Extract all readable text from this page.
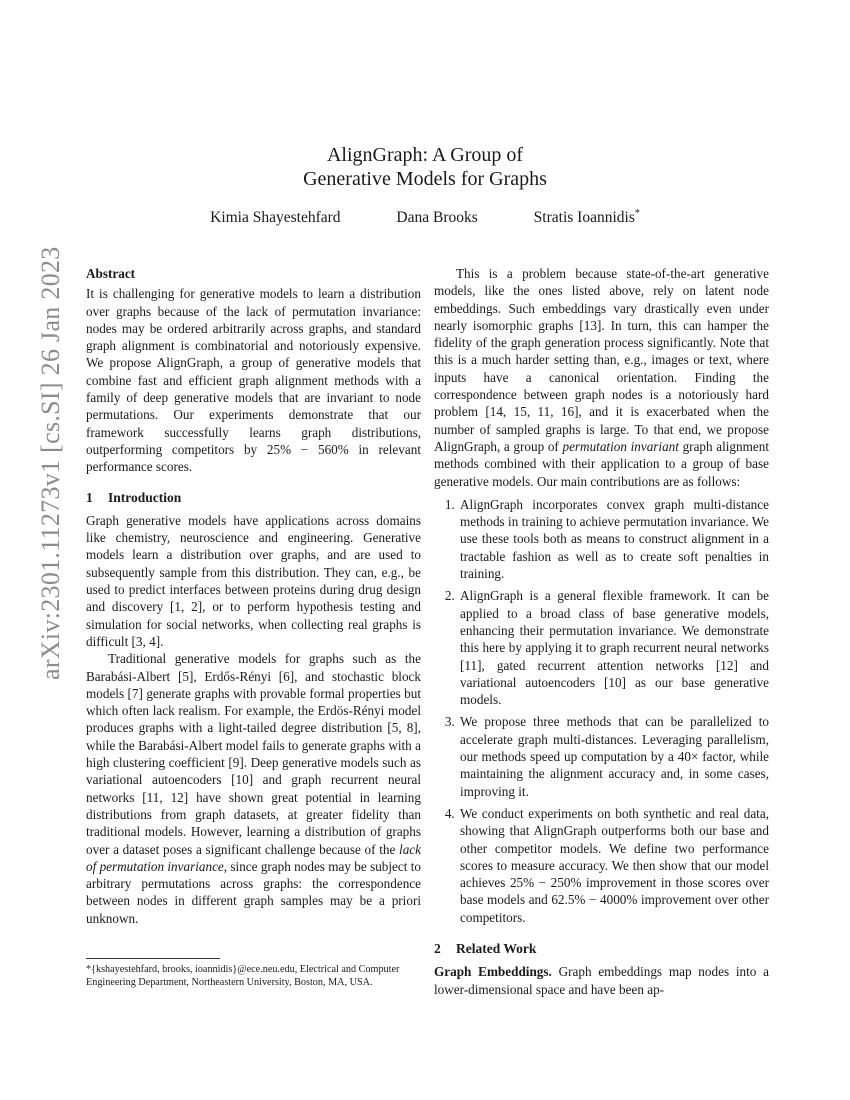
arXiv:2301.11273v1 [cs.SI] 26 Jan 2023
AlignGraph: A Group of
Generative Models for Graphs
Kimia Shayestehfard	Dana Brooks	Stratis Ioannidis*
Abstract

It is challenging for generative models to learn a distribution over graphs because of the lack of permutation invariance: nodes may be ordered arbitrarily across graphs, and standard graph alignment is combinatorial and notoriously expensive. We propose AlignGraph, a group of generative models that combine fast and efficient graph alignment methods with a family of deep generative models that are invariant to node permutations. Our experiments demonstrate that our framework successfully learns graph distributions, outperforming competitors by 25% − 560% in relevant performance scores.

1 Introduction

Graph generative models have applications across domains like chemistry, neuroscience and engineering. Generative models learn a distribution over graphs, and are used to subsequently sample from this distribution. They can, e.g., be used to predict interfaces between proteins during drug design and discovery [1, 2], or to perform hypothesis testing and simulation for social networks, when collecting real graphs is difficult [3, 4].

Traditional generative models for graphs such as the Barabási-Albert [5], Erdős-Rényi [6], and stochastic block models [7] generate graphs with provable formal properties but which often lack realism. For example, the Erdös-Rényi model produces graphs with a light-tailed degree distribution [5, 8], while the Barabási-Albert model fails to generate graphs with a high clustering coefficient [9]. Deep generative models such as variational autoencoders [10] and graph recurrent neural networks [11, 12] have shown great potential in learning distributions from graph datasets, at greater fidelity than traditional models. However, learning a distribution of graphs over a dataset poses a significant challenge because of the lack of permutation invariance, since graph nodes may be subject to arbitrary permutations across graphs: the correspondence between nodes in different graph samples may be a priori unknown.

*{kshayestehfard, brooks, ioannidis}@ece.neu.edu, Electrical and Computer Engineering Department, Northeastern University, Boston, MA, USA.

This is a problem because state-of-the-art generative models, like the ones listed above, rely on latent node embeddings. Such embeddings vary drastically even under nearly isomorphic graphs [13]. In turn, this can hamper the fidelity of the graph generation process significantly. Note that this is a much harder setting than, e.g., images or text, where inputs have a canonical orientation. Finding the correspondence between graph nodes is a notoriously hard problem [14, 15, 11, 16], and it is exacerbated when the number of sampled graphs is large. To that end, we propose AlignGraph, a group of permutation invariant graph alignment methods combined with their application to a group of base generative models. Our main contributions are as follows:

1. AlignGraph incorporates convex graph multi-distance methods in training to achieve permutation invariance. We use these tools both as means to construct alignment in a tractable fashion as well as to create soft penalties in training.
2. AlignGraph is a general flexible framework. It can be applied to a broad class of base generative models, enhancing their permutation invariance. We demonstrate this here by applying it to graph recurrent neural networks [11], gated recurrent attention networks [12] and variational autoencoders [10] as our base generative models.
3. We propose three methods that can be parallelized to accelerate graph multi-distances. Leveraging parallelism, our methods speed up computation by a 40× factor, while maintaining the alignment accuracy and, in some cases, improving it.
4. We conduct experiments on both synthetic and real data, showing that AlignGraph outperforms both our base and other competitor models. We define two performance scores to measure accuracy. We then show that our model achieves 25% − 250% improvement in those scores over base models and 62.5% − 4000% improvement over other competitors.
2 Related Work

Graph Embeddings. Graph embeddings map nodes into a lower-dimensional space and have been ap-
